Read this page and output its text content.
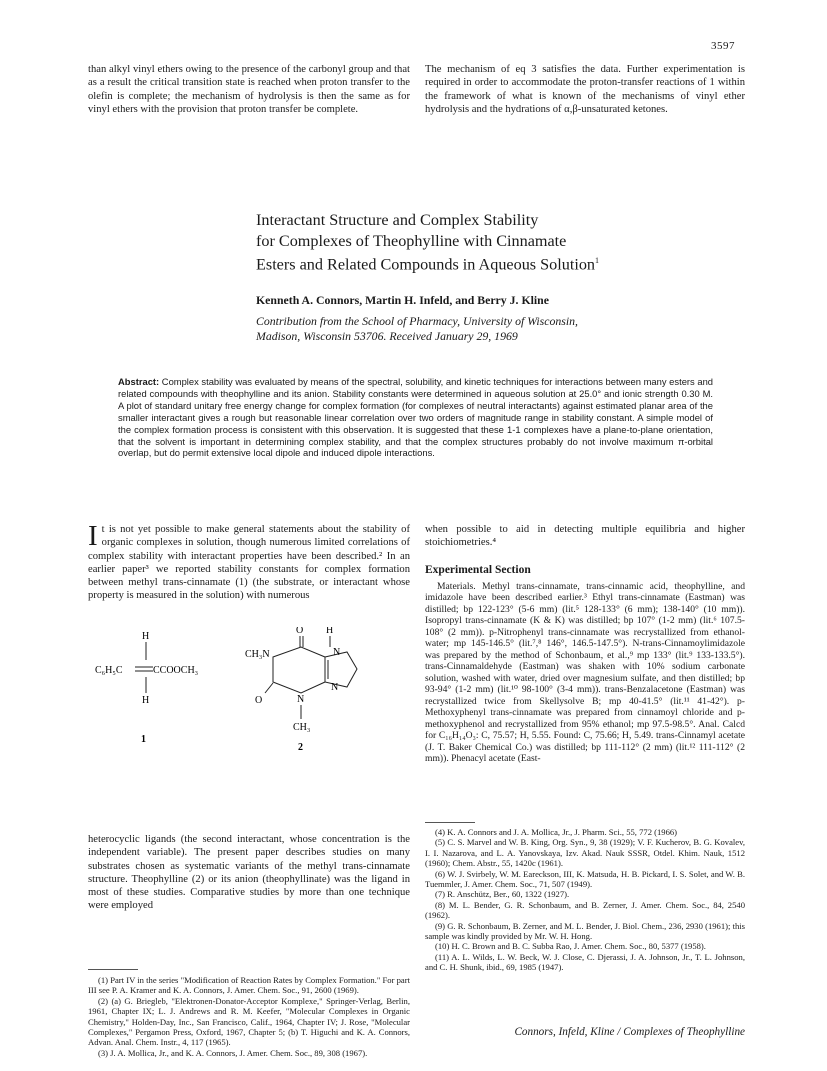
3597

than alkyl vinyl ethers owing to the presence of the carbonyl group and that as a result the critical transition state is reached when proton transfer to the olefin is complete; the mechanism of hydrolysis is then the same as for vinyl ethers with the provision that proton transfer be complete.

The mechanism of eq 3 satisfies the data. Further experimentation is required in order to accommodate the proton-transfer reactions of 1 within the framework of what is known of the mechanisms of vinyl ether hydrolysis and the hydrations of α,β-unsaturated ketones.

Interactant Structure and Complex Stability
for Complexes of Theophylline with Cinnamate
Esters and Related Compounds in Aqueous Solution$^1$
Kenneth A. Connors, Martin H. Infeld, and Berry J. Kline
Contribution from the School of Pharmacy, University of Wisconsin,
Madison, Wisconsin 53706. Received January 29, 1969
Abstract: Complex stability was evaluated by means of the spectral, solubility, and kinetic techniques for interactions between many esters and related compounds with theophylline and its anion. Stability constants were determined in aqueous solution at 25.0° and ionic strength 0.30 M. A plot of standard unitary free energy change for complex formation (for complexes of neutral interactants) against estimated planar area of the smaller interactant gives a rough but reasonable linear correlation over two orders of magnitude range in stability constant. A simple model of the complex formation process is consistent with this observation. It is suggested that these 1-1 complexes have a plane-to-plane orientation, that the solvent is important in determining complex stability, and that the complex structures probably do not involve maximum π-orbital overlap, but do permit extensive local dipole and induced dipole interactions.

It is not yet possible to make general statements about the stability of organic complexes in solution, though numerous limited correlations of complex stability with interactant properties have been described.² In an earlier paper³ we reported stability constants for complex formation between methyl trans-cinnamate (1) (the substrate, or interactant whose property is measured in the solution) with numerous

H
C₆H₅C	CCOOCH₃
H
1
O H
CH₃N	N
N
N
O
CH₃
2

heterocyclic ligands (the second interactant, whose concentration is the independent variable). The present paper describes studies on many substrates chosen as systematic variants of the methyl trans-cinnamate structure. Theophylline (2) or its anion (theophyllinate) was the ligand in most of these studies. Comparative studies by more than one technique were employed

when possible to aid in detecting multiple equilibria and higher stoichiometries.⁴

Experimental Section

Materials. Methyl trans-cinnamate, trans-cinnamic acid, theophylline, and imidazole have been described earlier.³ Ethyl trans-cinnamate (Eastman) was distilled; bp 122-123° (5-6 mm) (lit.⁵ 128-133° (6 mm); 138-140° (10 mm)). Isopropyl trans-cinnamate (K & K) was distilled; bp 107° (1-2 mm) (lit.⁶ 107.5-108° (2 mm)). p-Nitrophenyl trans-cinnamate was recrystallized from ethanol-water; mp 145-146.5° (lit.⁷,⁸ 146°, 146.5-147.5°). N-trans-Cinnamoylimidazole was prepared by the method of Schonbaum, et al.,⁹ mp 133° (lit.⁹ 133-133.5°). trans-Cinnamaldehyde (Eastman) was shaken with 10% sodium carbonate solution, washed with water, dried over magnesium sulfate, and then distilled; bp 93-94° (1-2 mm) (lit.¹⁰ 98-100° (3-4 mm)). trans-Benzalacetone (Eastman) was recrystallized twice from Skellysolve B; mp 40-41.5° (lit.¹¹ 41-42°). p-Methoxyphenyl trans-cinnamate was prepared from cinnamoyl chloride and p-methoxyphenol and recrystallized from 95% ethanol; mp 97.5-98.5°. Anal. Calcd for C₁₆H₁₄O₃: C, 75.57; H, 5.55. Found: C, 75.66; H, 5.49. trans-Cinnamyl acetate (J. T. Baker Chemical Co.) was distilled; bp 111-112° (2 mm) (lit.¹² 111-112° (2 mm)). Phenacyl acetate (East-

(1) Part IV in the series "Modification of Reaction Rates by Complex Formation." For part III see P. A. Kramer and K. A. Connors, J. Amer. Chem. Soc., 91, 2600 (1969).

(2) (a) G. Briegleb, "Elektronen-Donator-Acceptor Komplexe," Springer-Verlag, Berlin, 1961, Chapter IX; L. J. Andrews and R. M. Keefer, "Molecular Complexes in Organic Chemistry," Holden-Day, Inc., San Francisco, Calif., 1964, Chapter IV; J. Rose, "Molecular Complexes," Pergamon Press, Oxford, 1967, Chapter 5; (b) T. Higuchi and K. A. Connors, Advan. Anal. Chem. Instr., 4, 117 (1965).

(3) J. A. Mollica, Jr., and K. A. Connors, J. Amer. Chem. Soc., 89, 308 (1967).

(4) K. A. Connors and J. A. Mollica, Jr., J. Pharm. Sci., 55, 772 (1966)

(5) C. S. Marvel and W. B. King, Org. Syn., 9, 38 (1929); V. F. Kucherov, B. G. Kovalev, I. I. Nazarova, and L. A. Yanovskaya, Izv. Akad. Nauk SSSR, Otdel. Khim. Nauk, 1512 (1960); Chem. Abstr., 55, 1420c (1961).

(6) W. J. Svirbely, W. M. Eareckson, III, K. Matsuda, H. B. Pickard, I. S. Solet, and W. B. Tuemmler, J. Amer. Chem. Soc., 71, 507 (1949).

(7) R. Anschütz, Ber., 60, 1322 (1927).

(8) M. L. Bender, G. R. Schonbaum, and B. Zerner, J. Amer. Chem. Soc., 84, 2540 (1962).

(9) G. R. Schonbaum, B. Zerner, and M. L. Bender, J. Biol. Chem., 236, 2930 (1961); this sample was kindly provided by Mr. W. H. Hong.

(10) H. C. Brown and B. C. Subba Rao, J. Amer. Chem. Soc., 80, 5377 (1958).

(11) A. L. Wilds, L. W. Beck, W. J. Close, C. Djerassi, J. A. Johnson, Jr., T. L. Johnson, and C. H. Shunk, ibid., 69, 1985 (1947).

Connors, Infeld, Kline / Complexes of Theophylline
